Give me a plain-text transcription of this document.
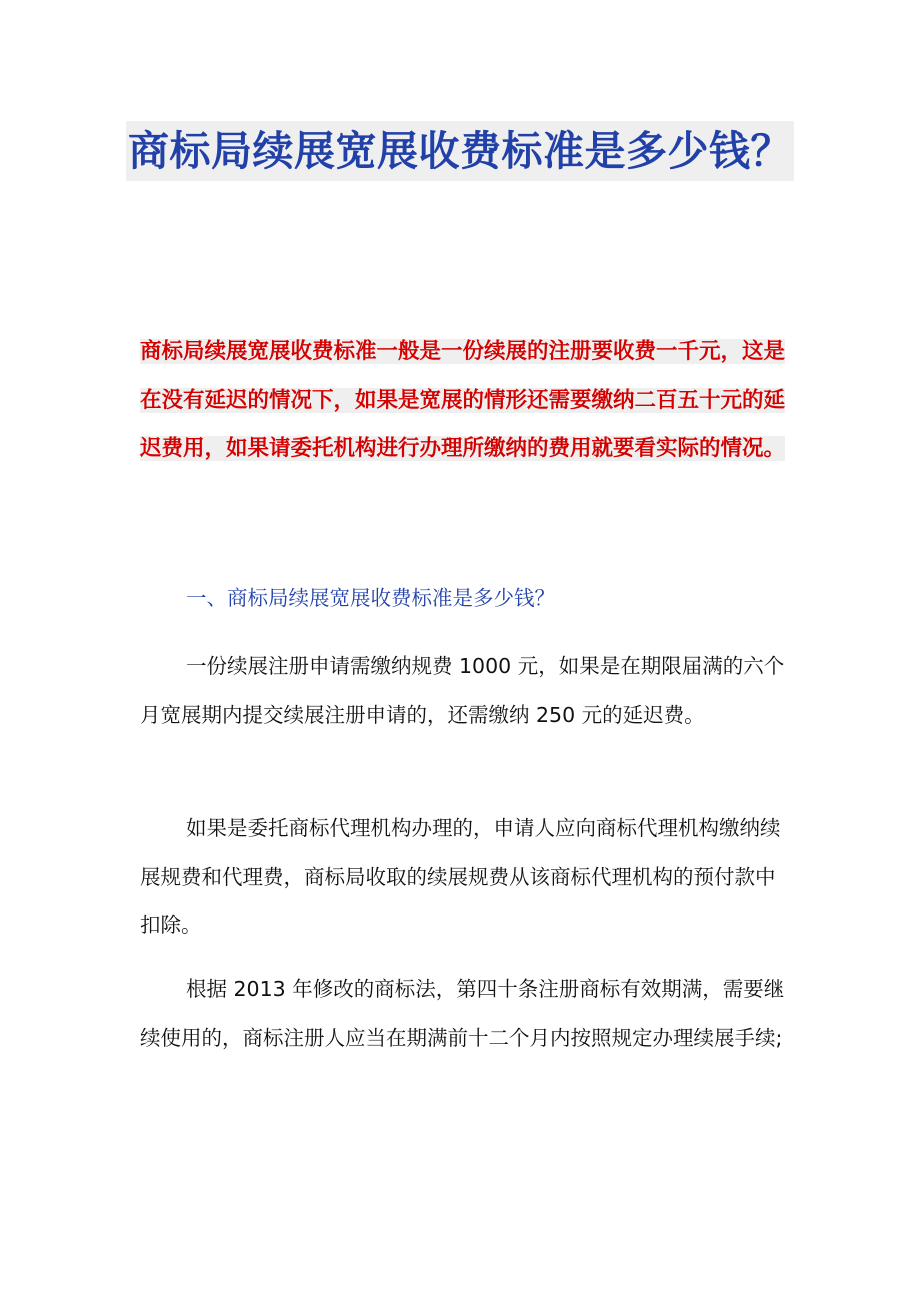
商标局续展宽展收费标准是多少钱？
商标局续展宽展收费标准一般是一份续展的注册要收费一千元，这是在没有延迟的情况下，如果是宽展的情形还需要缴纳二百五十元的延迟费用，如果请委托机构进行办理所缴纳的费用就要看实际的情况。
一、商标局续展宽展收费标准是多少钱？

一份续展注册申请需缴纳规费 1000 元，如果是在期限届满的六个月宽展期内提交续展注册申请的，还需缴纳 250 元的延迟费。

如果是委托商标代理机构办理的，申请人应向商标代理机构缴纳续展规费和代理费，商标局收取的续展规费从该商标代理机构的预付款中扣除。

根据 2013 年修改的商标法，第四十条注册商标有效期满，需要继续使用的，商标注册人应当在期满前十二个月内按照规定办理续展手续;
